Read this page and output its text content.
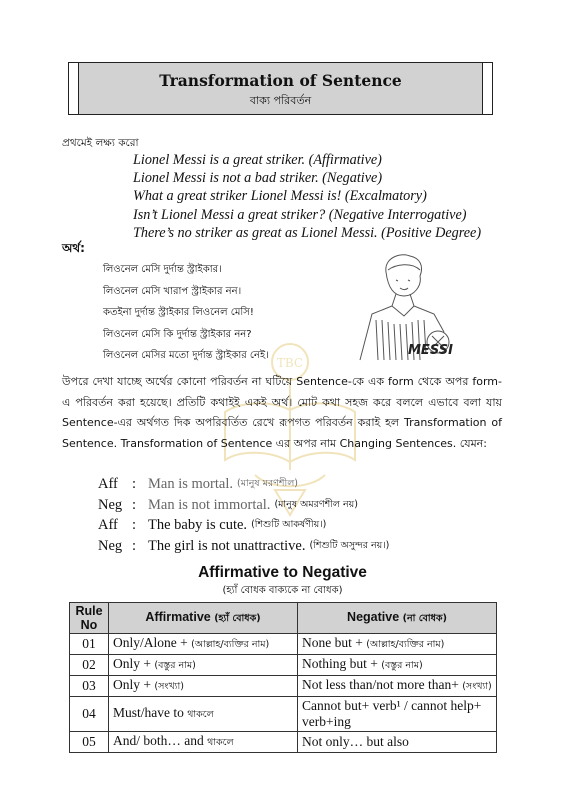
Transformation of Sentence
বাক্য পরিবর্তন
প্রথমেই লক্ষ্য করো
Lionel Messi is a great striker. (Affirmative)
Lionel Messi is not a bad striker. (Negative)
What a great striker Lionel Messi is! (Excalmatory)
Isn’t Lionel Messi a great striker? (Negative Interrogative)
There’s no striker as great as Lionel Messi. (Positive Degree)
অর্থ:
লিওনেল মেসি দুর্দান্ত স্ট্রাইকার।
লিওনেল মেসি খারাপ স্ট্রাইকার নন।
কতইনা দুর্দান্ত স্ট্রাইকার লিওনেল মেসি!
লিওনেল মেসি কি দুর্দান্ত স্ট্রাইকার নন?
লিওনেল মেসির মতো দুর্দান্ত স্ট্রাইকার নেই।	MESSI
TBC
উপরে দেখা যাচ্ছে অর্থের কোনো পরিবর্তন না ঘটিয়ে Sentence-কে এক form থেকে অপর form-এ পরিবর্তন করা হয়েছে। প্রতিটি কথাইই একই অর্থ। মোট কথা সহজ করে বললে এভাবে বলা যায় Sentence-এর অর্থগত দিক অপরিবর্তিত রেখে রূপগত পরিবর্তন করাই হল Transformation of Sentence. Transformation of Sentence এর অপর নাম Changing Sentences. যেমন:
Aff : Man is mortal. (মানুষ মরণশীল)
Neg : Man is not immortal. (মানুষ অমরণশীল নয়)
Aff : The baby is cute. (শিশুটি আকর্ষণীয়।)
Neg : The girl is not unattractive. (শিশুটি অসুন্দর নয়।)
Affirmative to Negative
(হ্যাঁ বোধক বাক্যকে না বোধক)
Rule No	Affirmative (হ্যাঁ বোধক)	Negative (না বোধক)
01	Only/Alone + (আল্লাহ/ব্যক্তির নাম)	None but + (আল্লাহ/ব্যক্তির নাম)
02	Only + (বস্তুর নাম)	Nothing but + (বস্তুর নাম)
03	Only + (সংখ্যা)	Not less than/not more than+ (সংখ্যা)
04	Must/have to থাকলে	Cannot but+ verb¹ / cannot help+ verb+ing
05	And/ both… and থাকলে	Not only… but also
